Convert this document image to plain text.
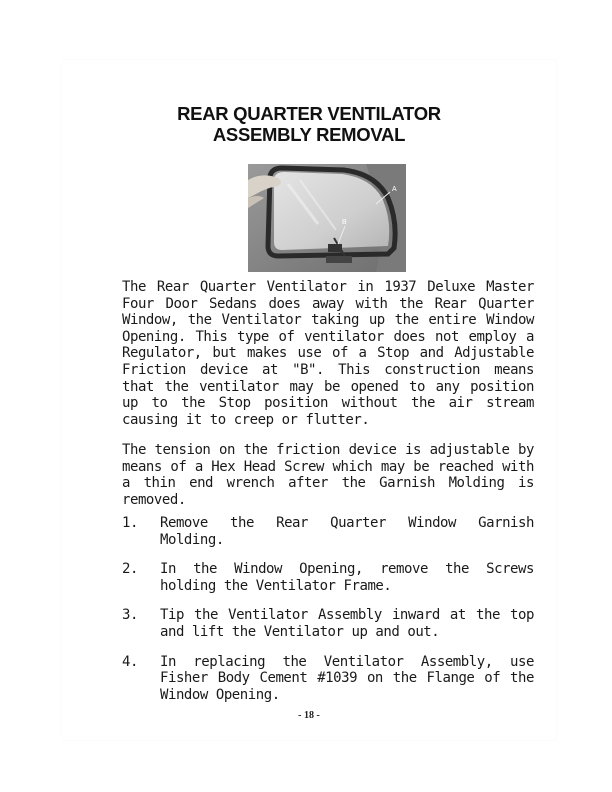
REAR QUARTER VENTILATOR
ASSEMBLY REMOVAL
A
B

The Rear Quarter Ventilator in 1937 Deluxe Master Four Door Sedans does away with the Rear Quarter Window, the Ventilator taking up the entire Window Opening. This type of ventilator does not employ a Regulator, but makes use of a Stop and Adjustable Friction device at "B". This construction means that the ventilator may be opened to any position up to the Stop position without the air stream causing it to creep or flutter.

The tension on the friction device is adjustable by means of a Hex Head Screw which may be reached with a thin end wrench after the Garnish Molding is removed.

1. Remove the Rear Quarter Window Garnish Molding.
2. In the Window Opening, remove the Screws holding the Ventilator Frame.
3. Tip the Ventilator Assembly inward at the top and lift the Ventilator up and out.
4. In replacing the Ventilator Assembly, use Fisher Body Cement #1039 on the Flange of the Window Opening.
- 18 -
